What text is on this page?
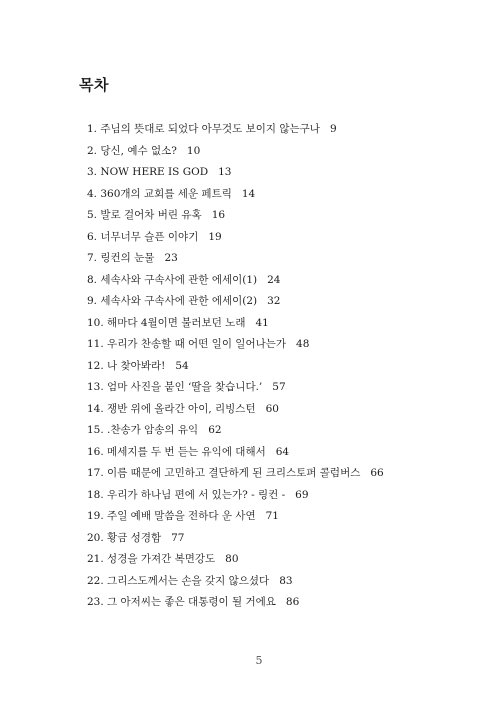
목차
1. 주님의 뜻대로 되었다 아무것도 보이지 않는구나 9
2. 당신, 예수 없소? 10
3. NOW HERE IS GOD 13
4. 360개의 교회를 세운 페트릭 14
5. 발로 걸어차 버린 유혹 16
6. 너무너무 슬픈 이야기 19
7. 링컨의 눈물 23
8. 세속사와 구속사에 관한 에세이(1) 24
9. 세속사와 구속사에 관한 에세이(2) 32
10. 해마다 4월이면 불러보던 노래 41
11. 우리가 찬송할 때 어떤 일이 일어나는가 48
12. 나 찾아봐라! 54
13. 엄마 사진을 붙인 ‘딸을 찾습니다.’ 57
14. 쟁반 위에 올라간 아이, 리빙스턴 60
15. .찬송가 암송의 유익 62
16. 메세지를 두 번 듣는 유익에 대해서 64
17. 이름 때문에 고민하고 결단하게 된 크리스토퍼 콜럼버스 66
18. 우리가 하나님 편에 서 있는가? - 링컨 - 69
19. 주일 예배 말씀을 전하다 운 사연 71
20. 황금 성경함 77
21. 성경을 가져간 복면강도 80
22. 그리스도께서는 손을 갖지 않으셨다 83
23. 그 아저씨는 좋은 대통령이 될 거에요 86
5
